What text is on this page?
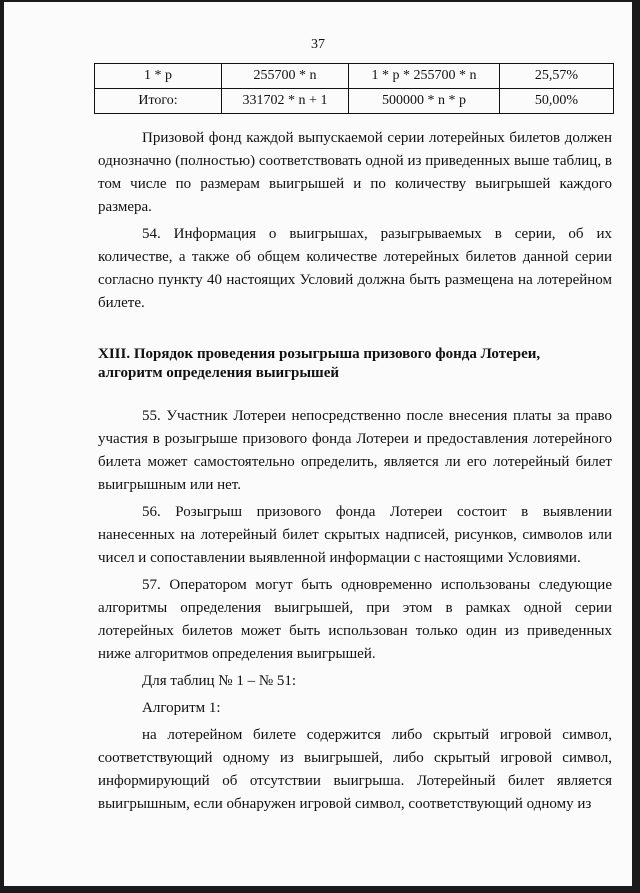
37
1 * p	255700 * n	1 * p * 255700 * n	25,57%
Итого:	331702 * n + 1	500000 * n * p	50,00%

Призовой фонд каждой выпускаемой серии лотерейных билетов должен однозначно (полностью) соответствовать одной из приведенных выше таблиц, в том числе по размерам выигрышей и по количеству выигрышей каждого размера.

54. Информация о выигрышах, разыгрываемых в серии, об их количестве, а также об общем количестве лотерейных билетов данной серии согласно пункту 40 настоящих Условий должна быть размещена на лотерейном билете.

XIII. Порядок проведения розыгрыша призового фонда Лотереи,
алгоритм определения выигрышей

55. Участник Лотереи непосредственно после внесения платы за право участия в розыгрыше призового фонда Лотереи и предоставления лотерейного билета может самостоятельно определить, является ли его лотерейный билет выигрышным или нет.

56. Розыгрыш призового фонда Лотереи состоит в выявлении нанесенных на лотерейный билет скрытых надписей, рисунков, символов или чисел и сопоставлении выявленной информации с настоящими Условиями.

57. Оператором могут быть одновременно использованы следующие алгоритмы определения выигрышей, при этом в рамках одной серии лотерейных билетов может быть использован только один из приведенных ниже алгоритмов определения выигрышей.

Для таблиц № 1 – № 51:

Алгоритм 1:

на лотерейном билете содержится либо скрытый игровой символ, соответствующий одному из выигрышей, либо скрытый игровой символ, информирующий об отсутствии выигрыша. Лотерейный билет является выигрышным, если обнаружен игровой символ, соответствующий одному из
